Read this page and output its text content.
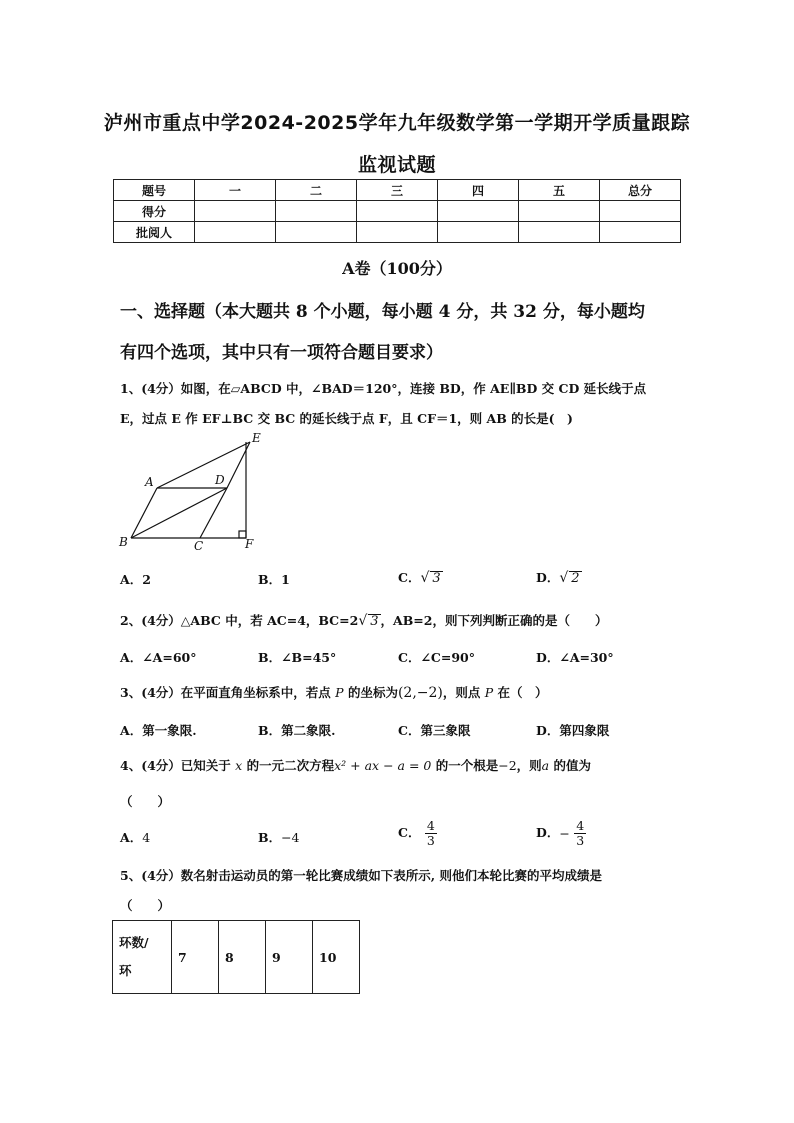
泸州市重点中学2024-2025学年九年级数学第一学期开学质量跟踪
监视试题
题号	一	二	三	四	五	总分
得分						
批阅人						
A卷（100分）
一、选择题（本大题共 8 个小题，每小题 4 分，共 32 分，每小题均
有四个选项，其中只有一项符合题目要求）
1、(4分）如图，在▱ABCD 中，∠BAD＝120°，连接 BD，作 AE∥BD 交 CD 延长线于点
E，过点 E 作 EF⊥BC 交 BC 的延长线于点 F，且 CF＝1，则 AB 的长是(　)
E
A	D
B	C	F
A．2	B．1	C．√ 3	D．√ 2
2、(4分）△ABC 中，若 AC=4，BC=2√ 3 ，AB=2，则下列判断正确的是（　　）
A．∠A=60°	B．∠B=45°	C．∠C=90°	D．∠A=30°
3、(4分）在平面直角坐标系中，若点 P 的坐标为(2,−2)，则点 P 在（　）
A．第一象限.	B．第二象限.	C．第三象限	D．第四象限
4、(4分）已知关于 x 的一元二次方程x² + ax − a = 0 的一个根是−2，则a 的值为
（　　）
A．4	B．−4	C． $\frac{4}{3}$	D．− $\frac{4}{3}$
5、(4分）数名射击运动员的第一轮比赛成绩如下表所示, 则他们本轮比赛的平均成绩是
（　　）
环数/
环	7	8	9	10
